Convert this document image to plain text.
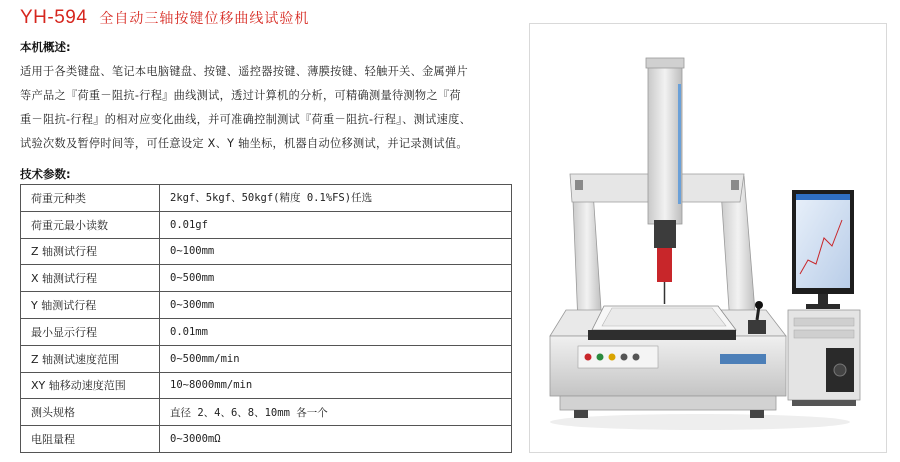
YH-594 全自动三轴按键位移曲线试验机
本机概述:
适用于各类键盘、笔记本电脑键盘、按键、遥控器按键、薄膜按键、轻触开关、金属弹片
等产品之『荷重－阻抗-行程』曲线测试，透过计算机的分析，可精确测量待测物之『荷
重－阻抗-行程』的相对应变化曲线，并可准确控制测试『荷重－阻抗-行程』、测试速度、
试验次数及暂停时间等，可任意设定 X、Y 轴坐标，机器自动位移测试，并记录测试值。
技术参数:
荷重元种类	2kgf、5kgf、50kgf(精度 0.1%FS)任选
荷重元最小读数	0.01gf
Z 轴测试行程	0~100mm
X 轴测试行程	0~500mm
Y 轴测试行程	0~300mm
最小显示行程	0.01mm
Z 轴测试速度范围	0~500mm/min
XY 轴移动速度范围	10~8000mm/min
测头规格	直径 2、4、6、8、10mm 各一个
电阻量程	0~3000mΩ
